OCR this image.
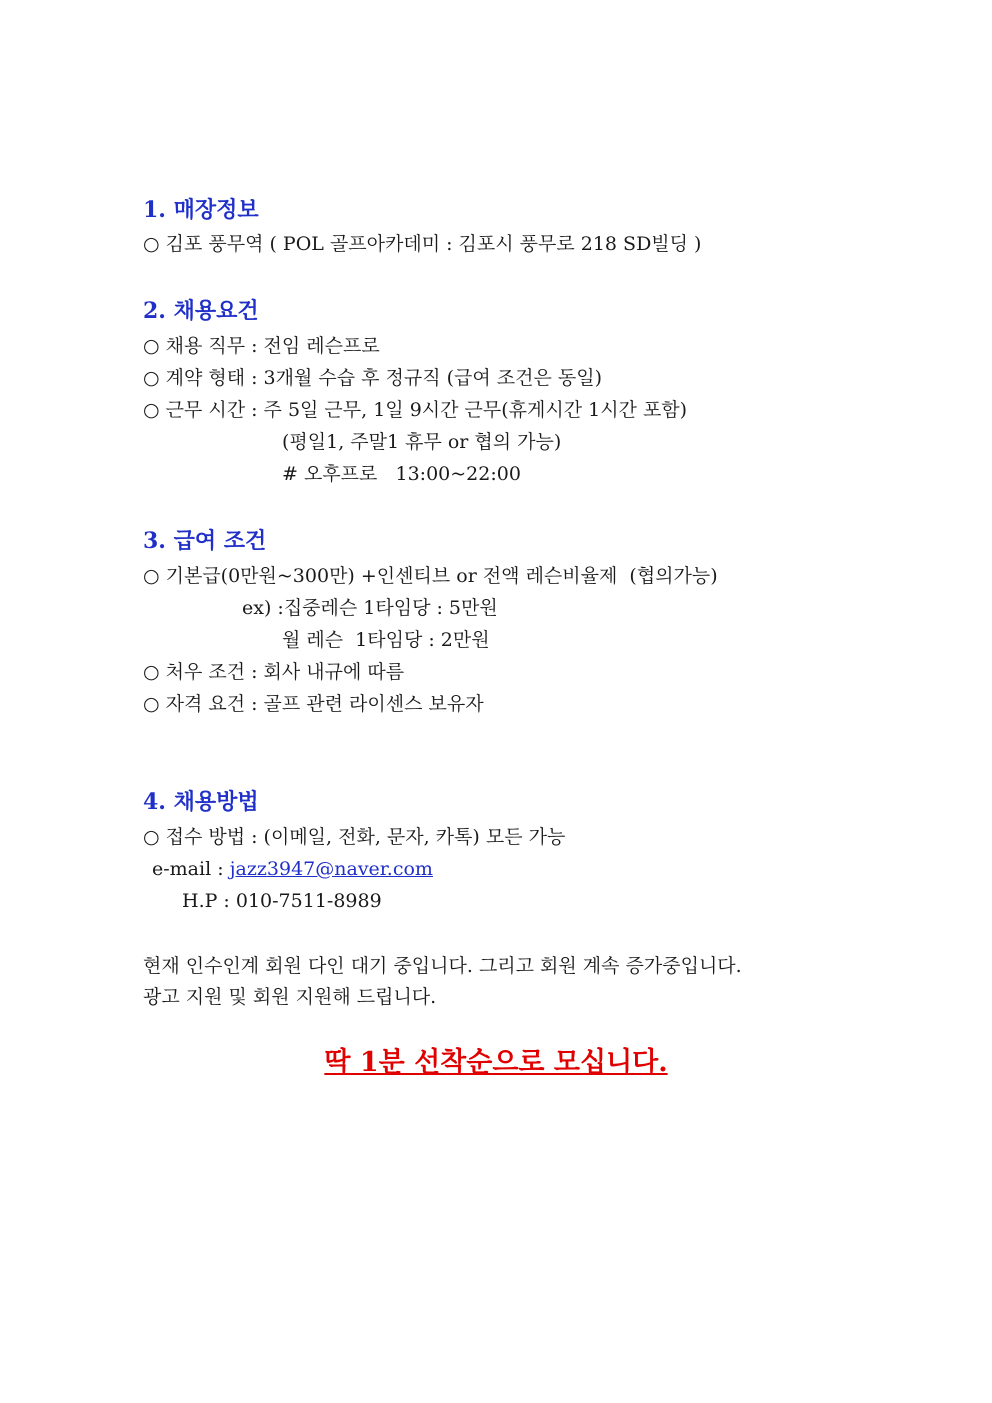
1. 매장정보
○ 김포 풍무역 ( POL 골프아카데미 : 김포시 풍무로 218 SD빌딩 )
2. 채용요건
○ 채용 직무 : 전임 레슨프로
○ 계약 형태 : 3개월 수습 후 정규직 (급여 조건은 동일)
○ 근무 시간 : 주 5일 근무, 1일 9시간 근무(휴게시간 1시간 포함)
(평일1, 주말1 휴무 or 협의 가능)
# 오후프로   13:00~22:00
3. 급여 조건
○ 기본급(0만원~300만) +인센티브 or 전액 레슨비율제  (협의가능)
ex) :집중레슨 1타임당 : 5만원
월 레슨  1타임당 : 2만원
○ 처우 조건 : 회사 내규에 따름
○ 자격 요건 : 골프 관련 라이센스 보유자
4. 채용방법
○ 접수 방법 : (이메일, 전화, 문자, 카톡) 모든 가능
e-mail : jazz3947@naver.com
H.P : 010-7511-8989
현재 인수인계 회원 다인 대기 중입니다. 그리고 회원 계속 증가중입니다.
광고 지원 및 회원 지원해 드립니다.
딱 1분 선착순으로 모십니다.
